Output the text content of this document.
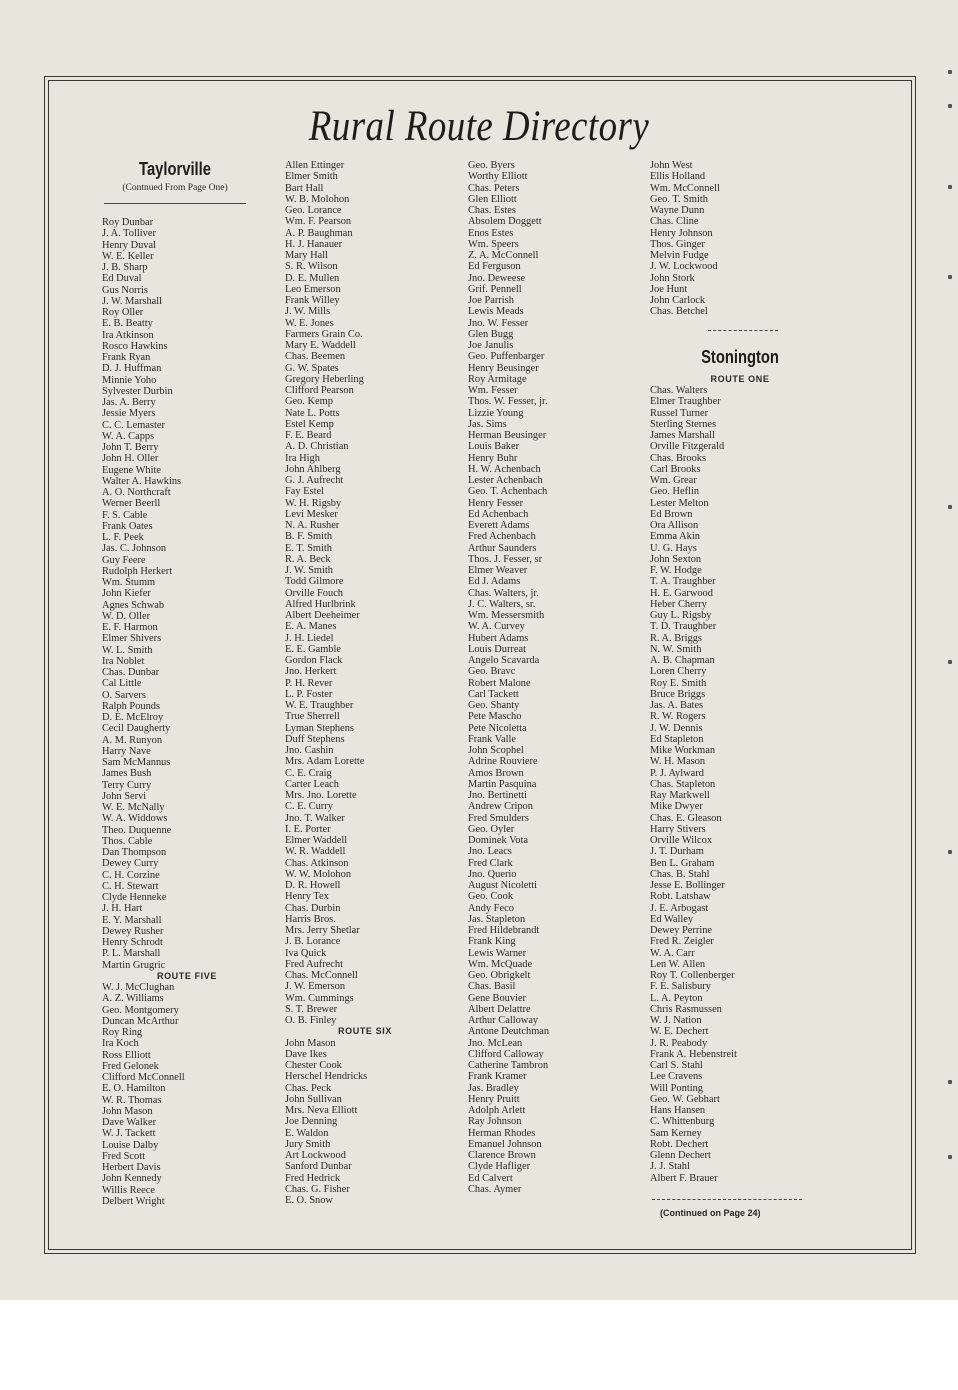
Rural Route Directory
Taylorville
(Contnued From Page One)
Stonington
Roy Dunbar
J. A. Tolliver
Henry Duval
W. E. Keller
J. B. Sharp
Ed Duval
Gus Norris
J. W. Marshall
Roy Oller
E. B. Beatty
Ira Atkinson
Rosco Hawkins
Frank Ryan
D. J. Huffman
Minnie Yoho
Sylvester Durbin
Jas. A. Berry
Jessie Myers
C. C. Lemaster
W. A. Capps
John T. Berry
John H. Oller
Eugene White
Walter A. Hawkins
A. O. Northcraft
Werner Beerll
F. S. Cable
Frank Oates
L. F. Peek
Jas. C. Johnson
Guy Feere
Rudolph Herkert
Wm. Stumm
John Kiefer
Agnes Schwab
W. D. Oller
E. F. Harmon
Elmer Shivers
W. L. Smith
Ira Noblet
Chas. Dunbar
Cal Little
O. Sarvers
Ralph Pounds
D. E. McElroy
Cecil Daugherty
A. M. Runyon
Harry Nave
Sam McMannus
James Bush
Terry Curry
John Servi
W. E. McNally
W. A. Widdows
Theo. Duquenne
Thos. Cable
Dan Thompson
Dewey Curry
C. H. Corzine
C. H. Stewart
Clyde Henneke
J. H. Hart
E. Y. Marshall
Dewey Rusher
Henry Schrodt
P. L. Marshall
Martin Grugric
ROUTE FIVE
W. J. McClughan
A. Z. Williams
Geo. Montgomery
Duncan McArthur
Roy Ring
Ira Koch
Ross Elliott
Fred Gelonek
Clifford McConnell
E. O. Hamilton
W. R. Thomas
John Mason
Dave Walker
W. J. Tackett
Louise Dalby
Fred Scott
Herbert Davis
John Kennedy
Willis Reece
Delbert Wright
Allen Ettinger
Elmer Smith
Bart Hall
W. B. Molohon
Geo. Lorance
Wm. F. Pearson
A. P. Baughman
H. J. Hanauer
Mary Hall
S. R. Wilson
D. E. Mullen
Leo Emerson
Frank Willey
J. W. Mills
W. E. Jones
Farmers Grain Co.
Mary E. Waddell
Chas. Beemen
G. W. Spates
Gregory Heberling
Clifford Pearson
Geo. Kemp
Nate L. Potts
Estel Kemp
F. E. Beard
A. D. Christian
Ira High
John Ahlberg
G. J. Aufrecht
Fay Estel
W. H. Rigsby
Levi Mesker
N. A. Rusher
B. F. Smith
E. T. Smith
R. A. Beck
J. W. Smith
Todd Gilmore
Orville Fouch
Alfred Hurlbrink
Albert Deeheimer
E. A. Manes
J. H. Liedel
E. E. Gamble
Gordon Flack
Jno. Herkert
P. H. Rever
L. P. Foster
W. E. Traughber
True Sherrell
Lyman Stephens
Duff Stephens
Jno. Cashin
Mrs. Adam Lorette
C. E. Craig
Carter Leach
Mrs. Jno. Lorette
C. E. Curry
Jno. T. Walker
I. E. Porter
Elmer Waddell
W. R. Waddell
Chas. Atkinson
W. W. Molohon
D. R. Howell
Henry Tex
Chas. Durbin
Harris Bros.
Mrs. Jerry Shetlar
J. B. Lorance
Iva Quick
Fred Aufrecht
Chas. McConnell
J. W. Emerson
Wm. Cummings
S. T. Brewer
O. B. Finley
ROUTE SIX
John Mason
Dave Ikes
Chester Cook
Herschel Hendricks
Chas. Peck
John Sullivan
Mrs. Neva Elliott
Joe Denning
E. Waldon
Jury Smith
Art Lockwood
Sanford Dunbar
Fred Hedrick
Chas. G. Fisher
E. O. Snow
Geo. Byers
Worthy Elliott
Chas. Peters
Glen Elliott
Chas. Estes
Absolem Doggett
Enos Estes
Wm. Speers
Z. A. McConnell
Ed Ferguson
Jno. Deweese
Grif. Pennell
Joe Parrish
Lewis Meads
Jno. W. Fesser
Glen Bugg
Joe Janulis
Geo. Puffenbarger
Henry Beusinger
Roy Armitage
Wm. Fesser
Thos. W. Fesser, jr.
Lizzie Young
Jas. Sims
Herman Beusinger
Louis Baker
Henry Buhr
H. W. Achenbach
Lester Achenbach
Geo. T. Achenbach
Henry Fesser
Ed Achenbach
Everett Adams
Fred Achenbach
Arthur Saunders
Thos. J. Fesser, sr
Elmer Weaver
Ed J. Adams
Chas. Walters, jr.
J. C. Walters, sr.
Wm. Messersmith
W. A. Curvey
Hubert Adams
Louis Durreat
Angelo Scavarda
Geo. Bravc
Robert Malone
Carl Tackett
Geo. Shanty
Pete Mascho
Pete Nicoletta
Frank Valle
John Scophel
Adrine Rouviere
Amos Brown
Martin Pasquina
Jno. Bertinetti
Andrew Cripon
Fred Smulders
Geo. Oyler
Dominek Vota
Jno. Leacs
Fred Clark
Jno. Querio
August Nicoletti
Geo. Cook
Andy Feco
Jas. Stapleton
Fred Hildebrandt
Frank King
Lewis Warner
Wm. McQuade
Geo. Obrigkelt
Chas. Basil
Gene Bouvier
Albert Delattre
Arthur Calloway
Antone Deutchman
Jno. McLean
Clifford Calloway
Catherine Tambron
Frank Kramer
Jas. Bradley
Henry Pruitt
Adolph Arlett
Ray Johnson
Herman Rhodes
Emanuel Johnson
Clarence Brown
Clyde Hafliger
Ed Calvert
Chas. Aymer
John West
Ellis Holland
Wm. McConnell
Geo. T. Smith
Wayne Dunn
Chas. Cline
Henry Johnson
Thos. Ginger
Melvin Fudge
J. W. Lockwood
John Stork
Joe Hunt
John Carlock
Chas. Betchel
ROUTE ONE
Chas. Walters
Elmer Traughber
Russel Turner
Sterling Sternes
James Marshall
Orville Fitzgerald
Chas. Brooks
Carl Brooks
Wm. Grear
Geo. Heflin
Lester Melton
Ed Brown
Ora Allison
Emma Akin
U. G. Hays
John Sexton
F. W. Hodge
T. A. Traughber
H. E. Garwood
Heber Cherry
Guy L. Rigsby
T. D. Traughber
R. A. Briggs
N. W. Smith
A. B. Chapman
Loren Cherry
Roy E. Smith
Bruce Briggs
Jas. A. Bates
R. W. Rogers
J. W. Dennis
Ed Stapleton
Mike Workman
W. H. Mason
P. J. Aylward
Chas. Stapleton
Ray Markwell
Mike Dwyer
Chas. E. Gleason
Harry Stivers
Orville Wilcox
J. T. Durham
Ben L. Graham
Chas. B. Stahl
Jesse E. Bollinger
Robt. Latshaw
J. E. Arbogast
Ed Walley
Dewey Perrine
Fred R. Zeigler
W. A. Carr
Len W. Allen
Roy T. Collenberger
F. E. Salisbury
L. A. Peyton
Chris Rasmussen
W. J. Nation
W. E. Dechert
J. R. Peabody
Frank A. Hebenstreit
Carl S. Stahl
Lee Cravens
Will Ponting
Geo. W. Gebhart
Hans Hansen
C. Whittenburg
Sam Kerney
Robt. Dechert
Glenn Dechert
J. J. Stahl
Albert F. Brauer
(Continued on Page 24)
